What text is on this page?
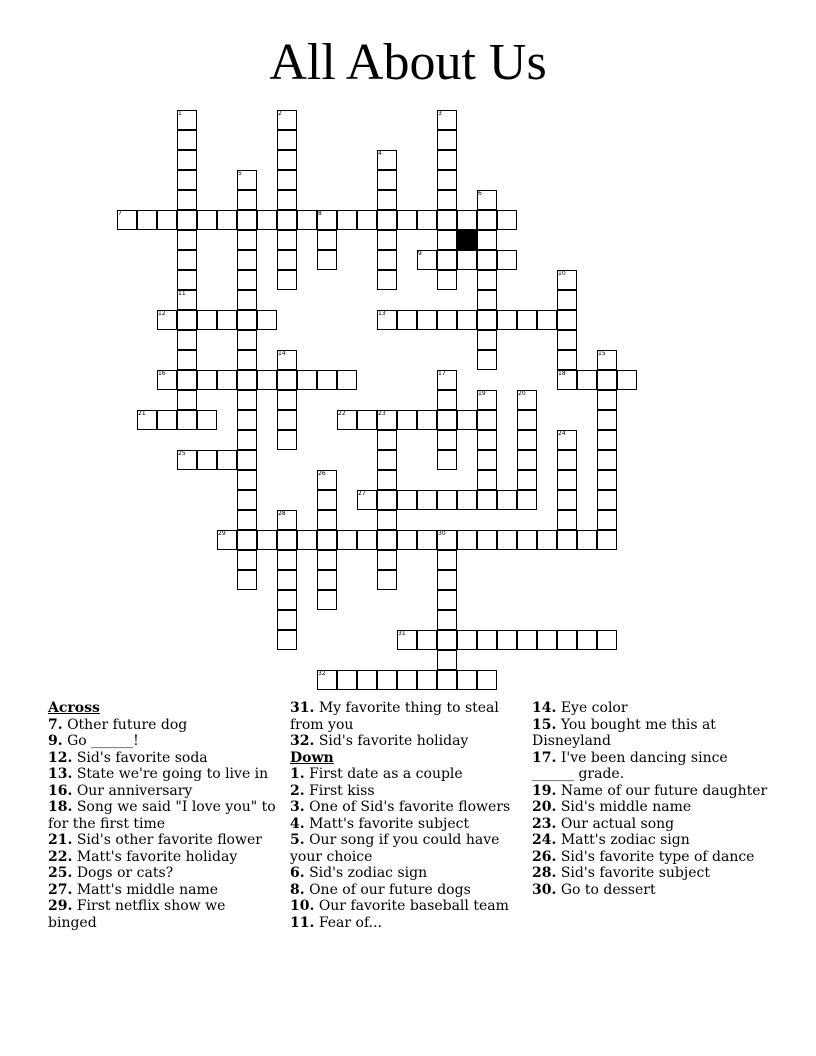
All About Us
1	2	3
4
5
6
7	8
9
10
11
12	13
14	15
16	17	18
19	20
21	22	23
24
25
26
27
28
29	30
31
32
Across

7. Other future dog

9. Go ______!

12. Sid's favorite soda

13. State we're going to live in

16. Our anniversary

18. Song we said "I love you" to for the first time

21. Sid's other favorite flower

22. Matt's favorite holiday

25. Dogs or cats?

27. Matt's middle name

29. First netflix show we binged

31. My favorite thing to steal from you

32. Sid's favorite holiday

Down

1. First date as a couple

2. First kiss

3. One of Sid's favorite flowers

4. Matt's favorite subject

5. Our song if you could have your choice

6. Sid's zodiac sign

8. One of our future dogs

10. Our favorite baseball team

11. Fear of...

14. Eye color

15. You bought me this at Disneyland

17. I've been dancing since ______ grade.

19. Name of our future daughter

20. Sid's middle name

23. Our actual song

24. Matt's zodiac sign

26. Sid's favorite type of dance

28. Sid's favorite subject

30. Go to dessert
